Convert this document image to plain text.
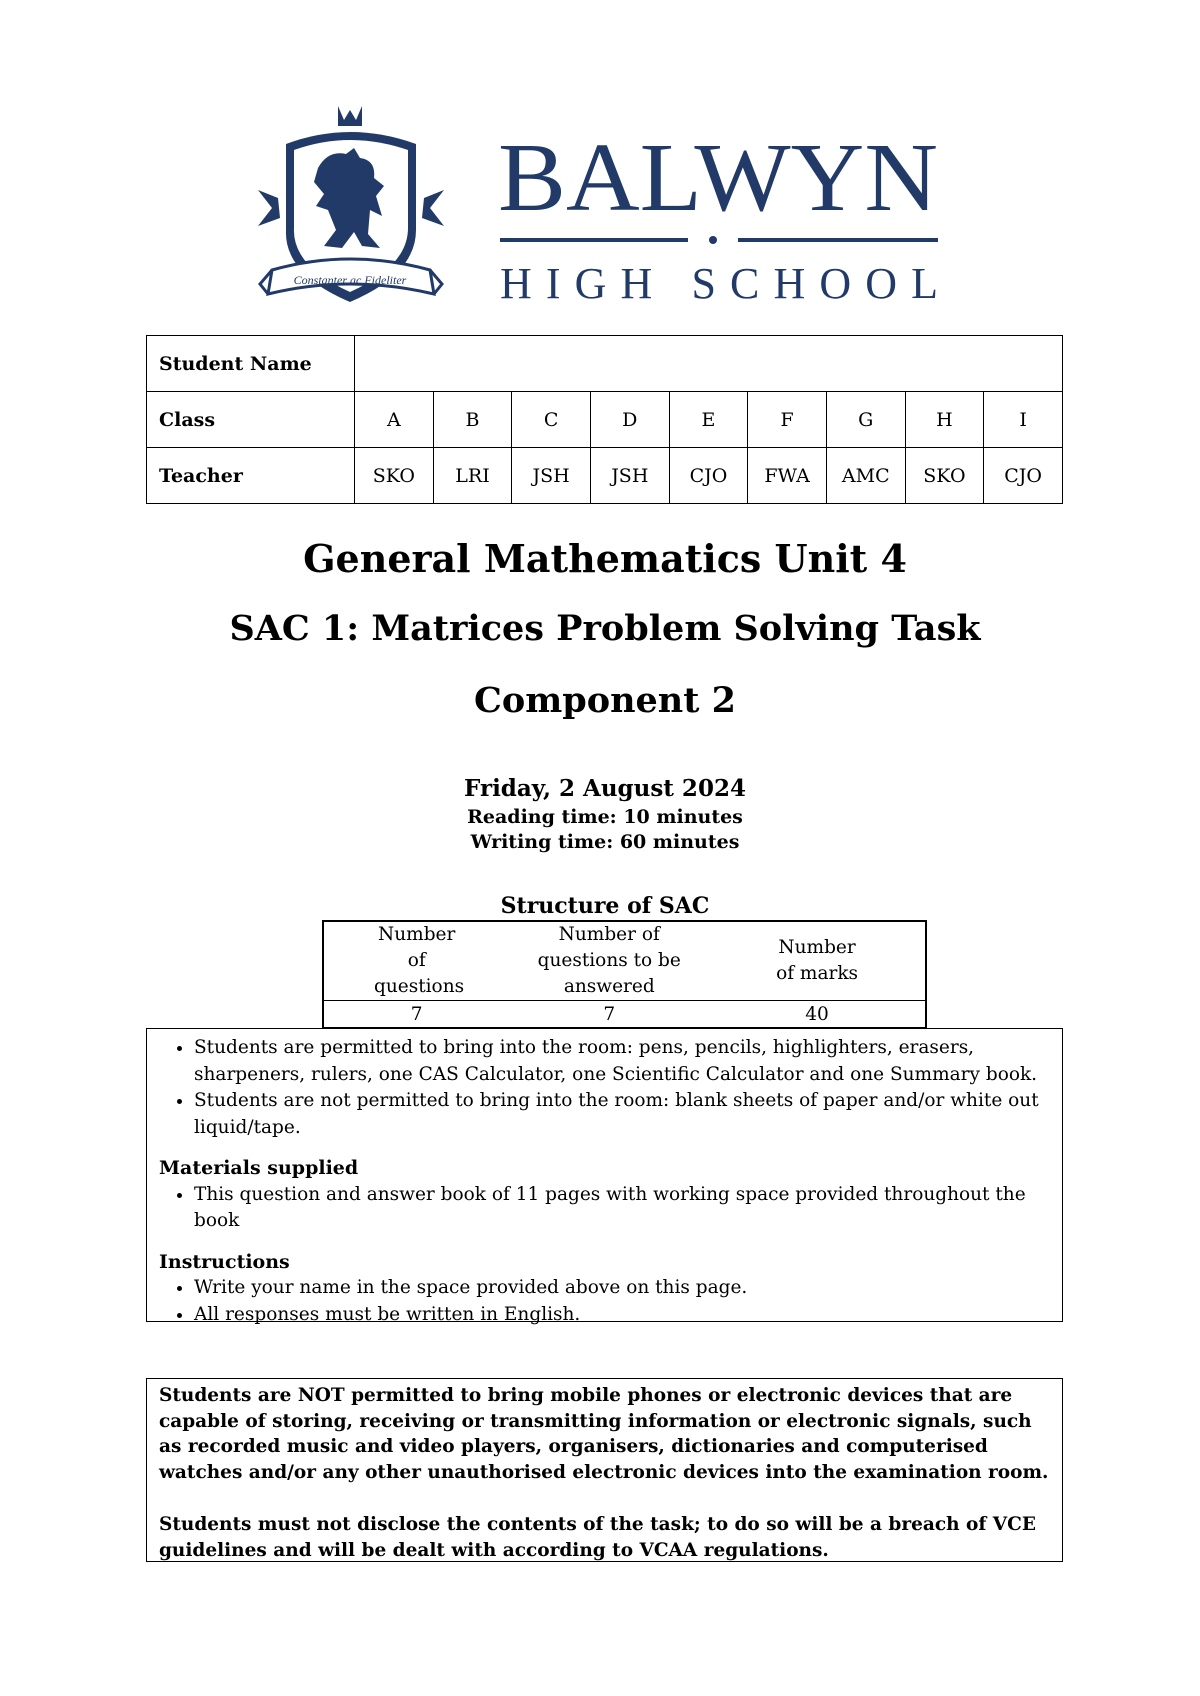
Constanter ac Fideliter
BALWYN
HIGH SCHOOL
Student Name									
Class	A	B	C	D	E	F	G	H	I
Teacher	SKO	LRI	JSH	JSH	CJO	FWA	AMC	SKO	CJO
General Mathematics Unit 4
SAC 1: Matrices Problem Solving Task
Component 2
Friday, 2 August 2024
Reading time: 10 minutes
Writing time: 60 minutes
Structure of SAC
Number of questions	Number of questions to be answered	Number of marks
7	7	40
• Students are permitted to bring into the room: pens, pencils, highlighters, erasers, sharpeners, rulers, one CAS Calculator, one Scientific Calculator and one Summary book.
• Students are not permitted to bring into the room: blank sheets of paper and/or white out liquid/tape.
Materials supplied
• This question and answer book of 11 pages with working space provided throughout the book
Instructions
• Write your name in the space provided above on this page.
• All responses must be written in English.

Students are NOT permitted to bring mobile phones or electronic devices that are capable of storing, receiving or transmitting information or electronic signals, such as recorded music and video players, organisers, dictionaries and computerised watches and/or any other unauthorised electronic devices into the examination room.

Students must not disclose the contents of the task; to do so will be a breach of VCE guidelines and will be dealt with according to VCAA regulations.
